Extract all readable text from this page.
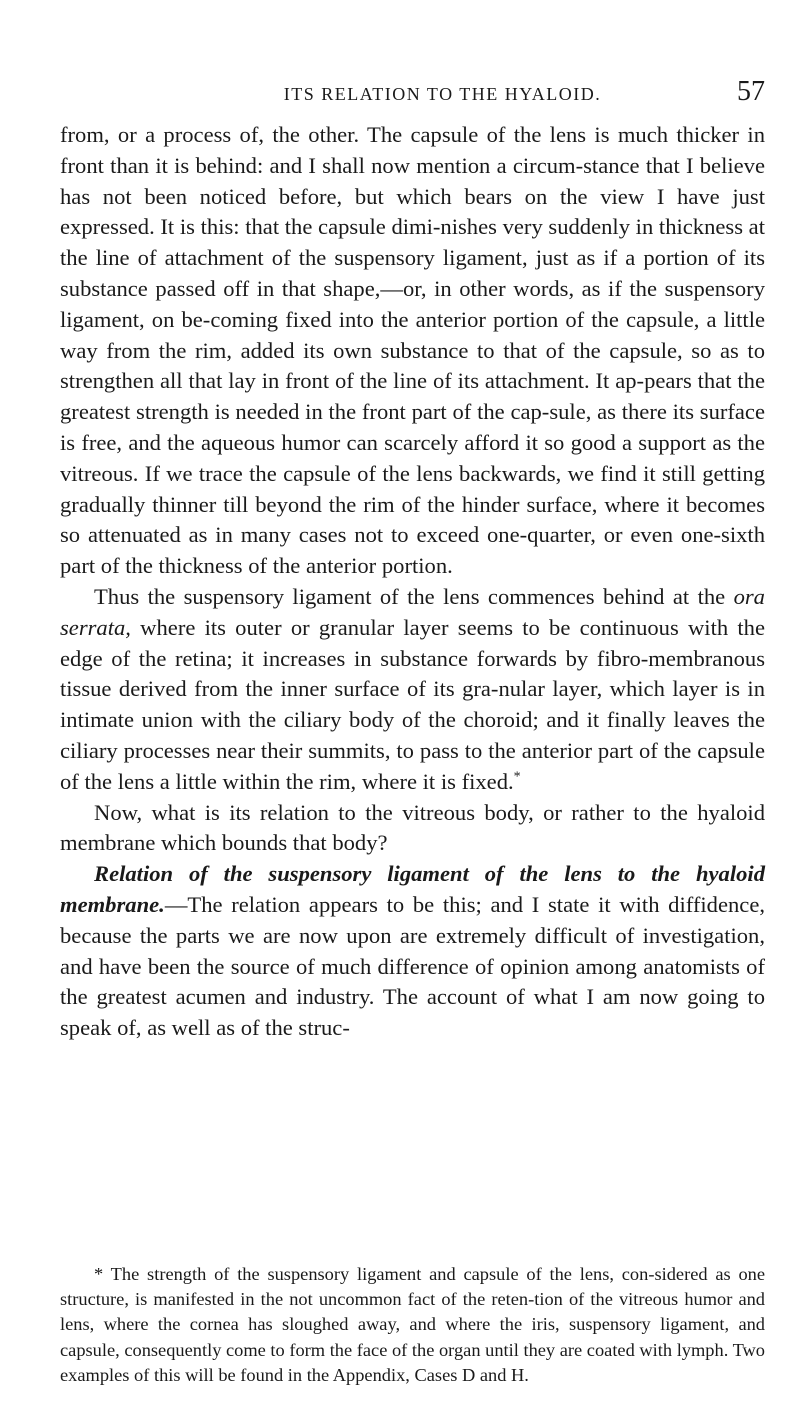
ITS RELATION TO THE HYALOID.	57

from, or a process of, the other. The capsule of the lens is much thicker in front than it is behind: and I shall now mention a circum-stance that I believe has not been noticed before, but which bears on the view I have just expressed. It is this: that the capsule dimi-nishes very suddenly in thickness at the line of attachment of the suspensory ligament, just as if a portion of its substance passed off in that shape,—or, in other words, as if the suspensory ligament, on be-coming fixed into the anterior portion of the capsule, a little way from the rim, added its own substance to that of the capsule, so as to strengthen all that lay in front of the line of its attachment. It ap-pears that the greatest strength is needed in the front part of the cap-sule, as there its surface is free, and the aqueous humor can scarcely afford it so good a support as the vitreous. If we trace the capsule of the lens backwards, we find it still getting gradually thinner till beyond the rim of the hinder surface, where it becomes so attenuated as in many cases not to exceed one-quarter, or even one-sixth part of the thickness of the anterior portion.

Thus the suspensory ligament of the lens commences behind at the ora serrata, where its outer or granular layer seems to be continuous with the edge of the retina; it increases in substance forwards by fibro-membranous tissue derived from the inner surface of its gra-nular layer, which layer is in intimate union with the ciliary body of the choroid; and it finally leaves the ciliary processes near their summits, to pass to the anterior part of the capsule of the lens a little within the rim, where it is fixed.*

Now, what is its relation to the vitreous body, or rather to the hyaloid membrane which bounds that body?

Relation of the suspensory ligament of the lens to the hyaloid membrane.—The relation appears to be this; and I state it with diffidence, because the parts we are now upon are extremely difficult of investigation, and have been the source of much difference of opinion among anatomists of the greatest acumen and industry. The account of what I am now going to speak of, as well as of the struc-

* The strength of the suspensory ligament and capsule of the lens, con-sidered as one structure, is manifested in the not uncommon fact of the reten-tion of the vitreous humor and lens, where the cornea has sloughed away, and where the iris, suspensory ligament, and capsule, consequently come to form the face of the organ until they are coated with lymph. Two examples of this will be found in the Appendix, Cases D and H.
